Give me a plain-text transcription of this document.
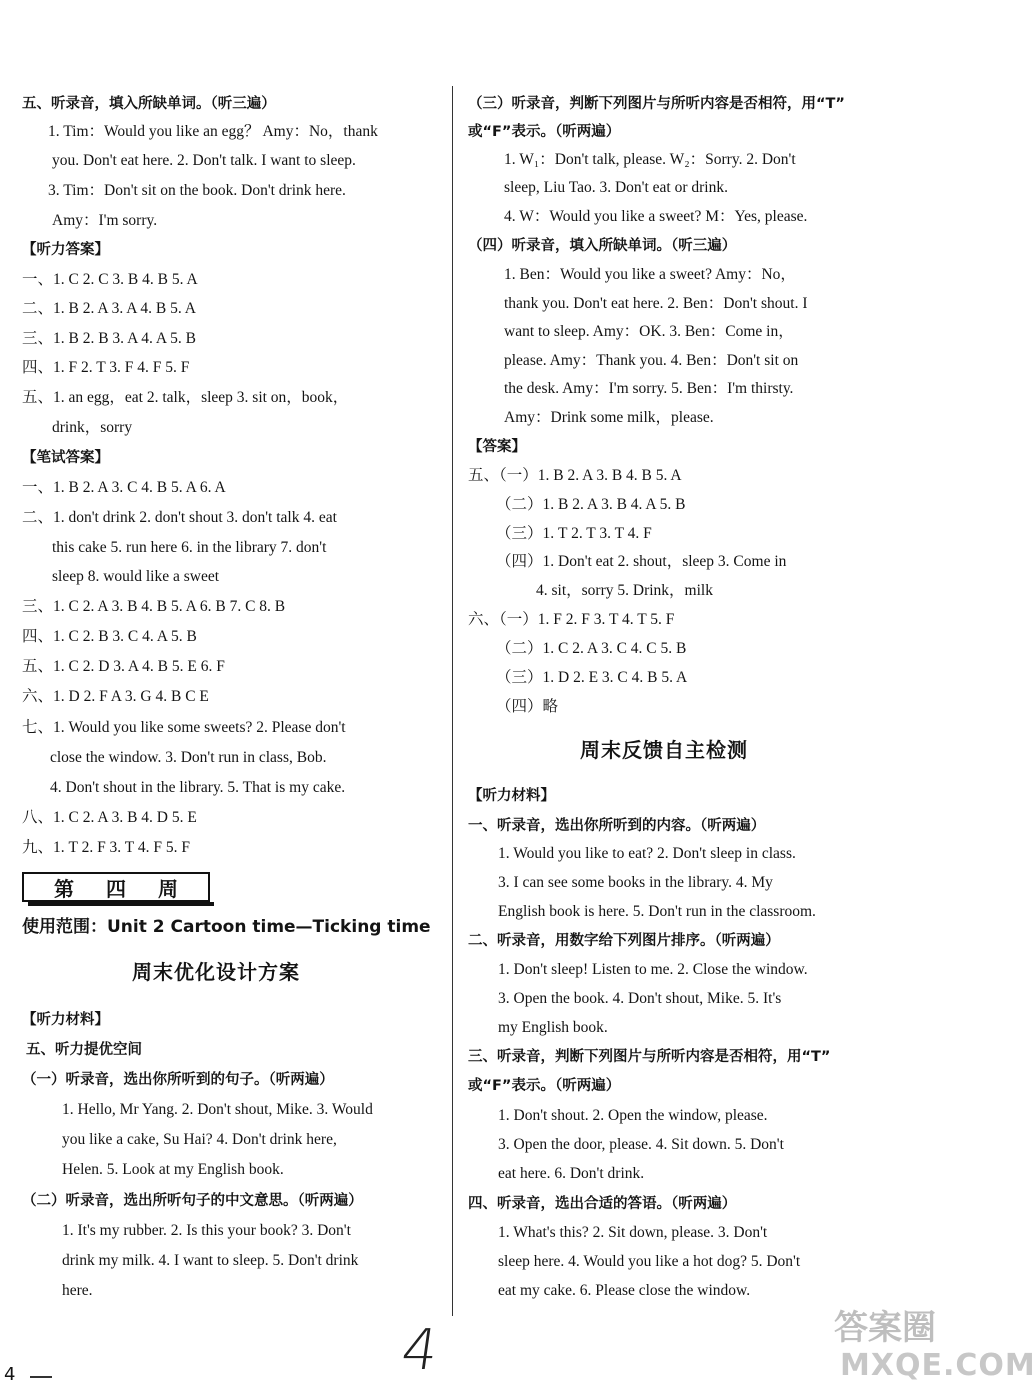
五、听录音，填入所缺单词。（听三遍）
1. Tim：Would you like an egg？ Amy：No，thank
you. Don't eat here. 2. Don't talk. I want to sleep.
3. Tim：Don't sit on the book. Don't drink here.
Amy：I'm sorry.
【听力答案】
一、1. C 2. C 3. B 4. B 5. A
二、1. B 2. A 3. A 4. B 5. A
三、1. B 2. B 3. A 4. A 5. B
四、1. F 2. T 3. F 4. F 5. F
五、1. an egg，eat 2. talk，sleep 3. sit on，book，
drink，sorry
【笔试答案】
一、1. B 2. A 3. C 4. B 5. A 6. A
二、1. don't drink 2. don't shout 3. don't talk 4. eat
this cake 5. run here 6. in the library 7. don't
sleep 8. would like a sweet
三、1. C 2. A 3. B 4. B 5. A 6. B 7. C 8. B
四、1. C 2. B 3. C 4. A 5. B
五、1. C 2. D 3. A 4. B 5. E 6. F
六、1. D 2. F A 3. G 4. B C E
七、1. Would you like some sweets? 2. Please don't
close the window. 3. Don't run in class, Bob.
4. Don't shout in the library. 5. That is my cake.
八、1. C 2. A 3. B 4. D 5. E
九、1. T 2. F 3. T 4. F 5. F
第 四 周
使用范围：Unit 2 Cartoon time—Ticking time
周末优化设计方案
【听力材料】
五、听力提优空间
（一）听录音，选出你所听到的句子。（听两遍）
1. Hello, Mr Yang. 2. Don't shout, Mike. 3. Would
you like a cake, Su Hai? 4. Don't drink here,
Helen. 5. Look at my English book.
（二）听录音，选出所听句子的中文意思。（听两遍）
1. It's my rubber. 2. Is this your book? 3. Don't
drink my milk. 4. I want to sleep. 5. Don't drink
here.
（三）听录音，判断下列图片与所听内容是否相符，用“T”
或“F”表示。（听两遍）
1. W₁：Don't talk, please. W₂：Sorry. 2. Don't
sleep, Liu Tao. 3. Don't eat or drink.
4. W：Would you like a sweet? M：Yes, please.
（四）听录音，填入所缺单词。（听三遍）
1. Ben：Would you like a sweet? Amy：No，
thank you. Don't eat here. 2. Ben：Don't shout. I
want to sleep. Amy：OK. 3. Ben：Come in，
please. Amy：Thank you. 4. Ben：Don't sit on
the desk. Amy：I'm sorry. 5. Ben：I'm thirsty.
Amy：Drink some milk，please.
【答案】
五、（一）1. B 2. A 3. B 4. B 5. A
（二）1. B 2. A 3. B 4. A 5. B
（三）1. T 2. T 3. T 4. F
（四）1. Don't eat 2. shout，sleep 3. Come in
4. sit，sorry 5. Drink，milk
六、（一）1. F 2. F 3. T 4. T 5. F
（二）1. C 2. A 3. C 4. C 5. B
（三）1. D 2. E 3. C 4. B 5. A
（四）略
周末反馈自主检测
【听力材料】
一、听录音，选出你所听到的内容。（听两遍）
1. Would you like to eat? 2. Don't sleep in class.
3. I can see some books in the library. 4. My
English book is here. 5. Don't run in the classroom.
二、听录音，用数字给下列图片排序。（听两遍）
1. Don't sleep! Listen to me. 2. Close the window.
3. Open the book. 4. Don't shout, Mike. 5. It's
my English book.
三、听录音，判断下列图片与所听内容是否相符，用“T”
或“F”表示。（听两遍）
1. Don't shout. 2. Open the window, please.
3. Open the door, please. 4. Sit down. 5. Don't
eat here. 6. Don't drink.
四、听录音，选出合适的答语。（听两遍）
1. What's this? 2. Sit down, please. 3. Don't
sleep here. 4. Would you like a hot dog? 5. Don't
eat my cake. 6. Please close the window.
4	4	答案圈
MXQE.COM
